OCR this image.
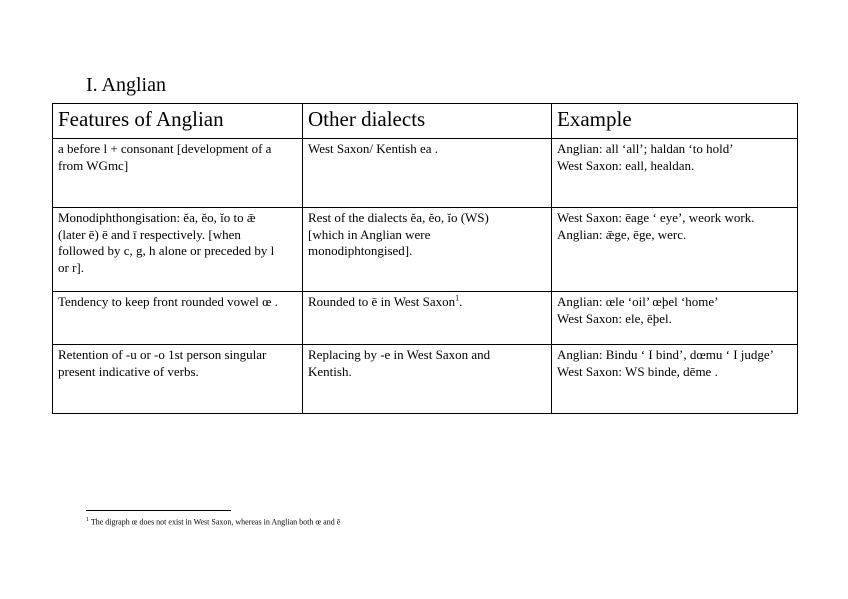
I. Anglian
Features of Anglian	Other dialects	Example

a before l + consonant [development of a
from WGmc]	West Saxon/ Kentish ea .	Anglian: all ‘all’; haldan ‘to hold’
West Saxon: eall, healdan.

Monodiphthongisation: ĕa, ĕo, ĭo to ǣ
(later ē) ē and ī respectively. [when
followed by c, g, h alone or preceded by l
or r].	Rest of the dialects ĕa, ĕo, ĭo (WS)
[which in Anglian were
monodiphtongised].	West Saxon: ēage ‘ eye’, weork work.
Anglian: ǣge, ēge, werc.

Tendency to keep front rounded vowel œ .	Rounded to ē in West Saxon$^1$.	Anglian: œle ‘oil’ œþel ‘home’
West Saxon: ele, ēþel.

Retention of -u or -o 1st person singular
present indicative of verbs.	Replacing by -e in West Saxon and
Kentish.	Anglian: Bindu ‘ I bind’, dœmu ‘ I judge’
West Saxon: WS binde, dēme .
$^1$ The digraph œ does not exist in West Saxon, whereas in Anglian both œ and ē
